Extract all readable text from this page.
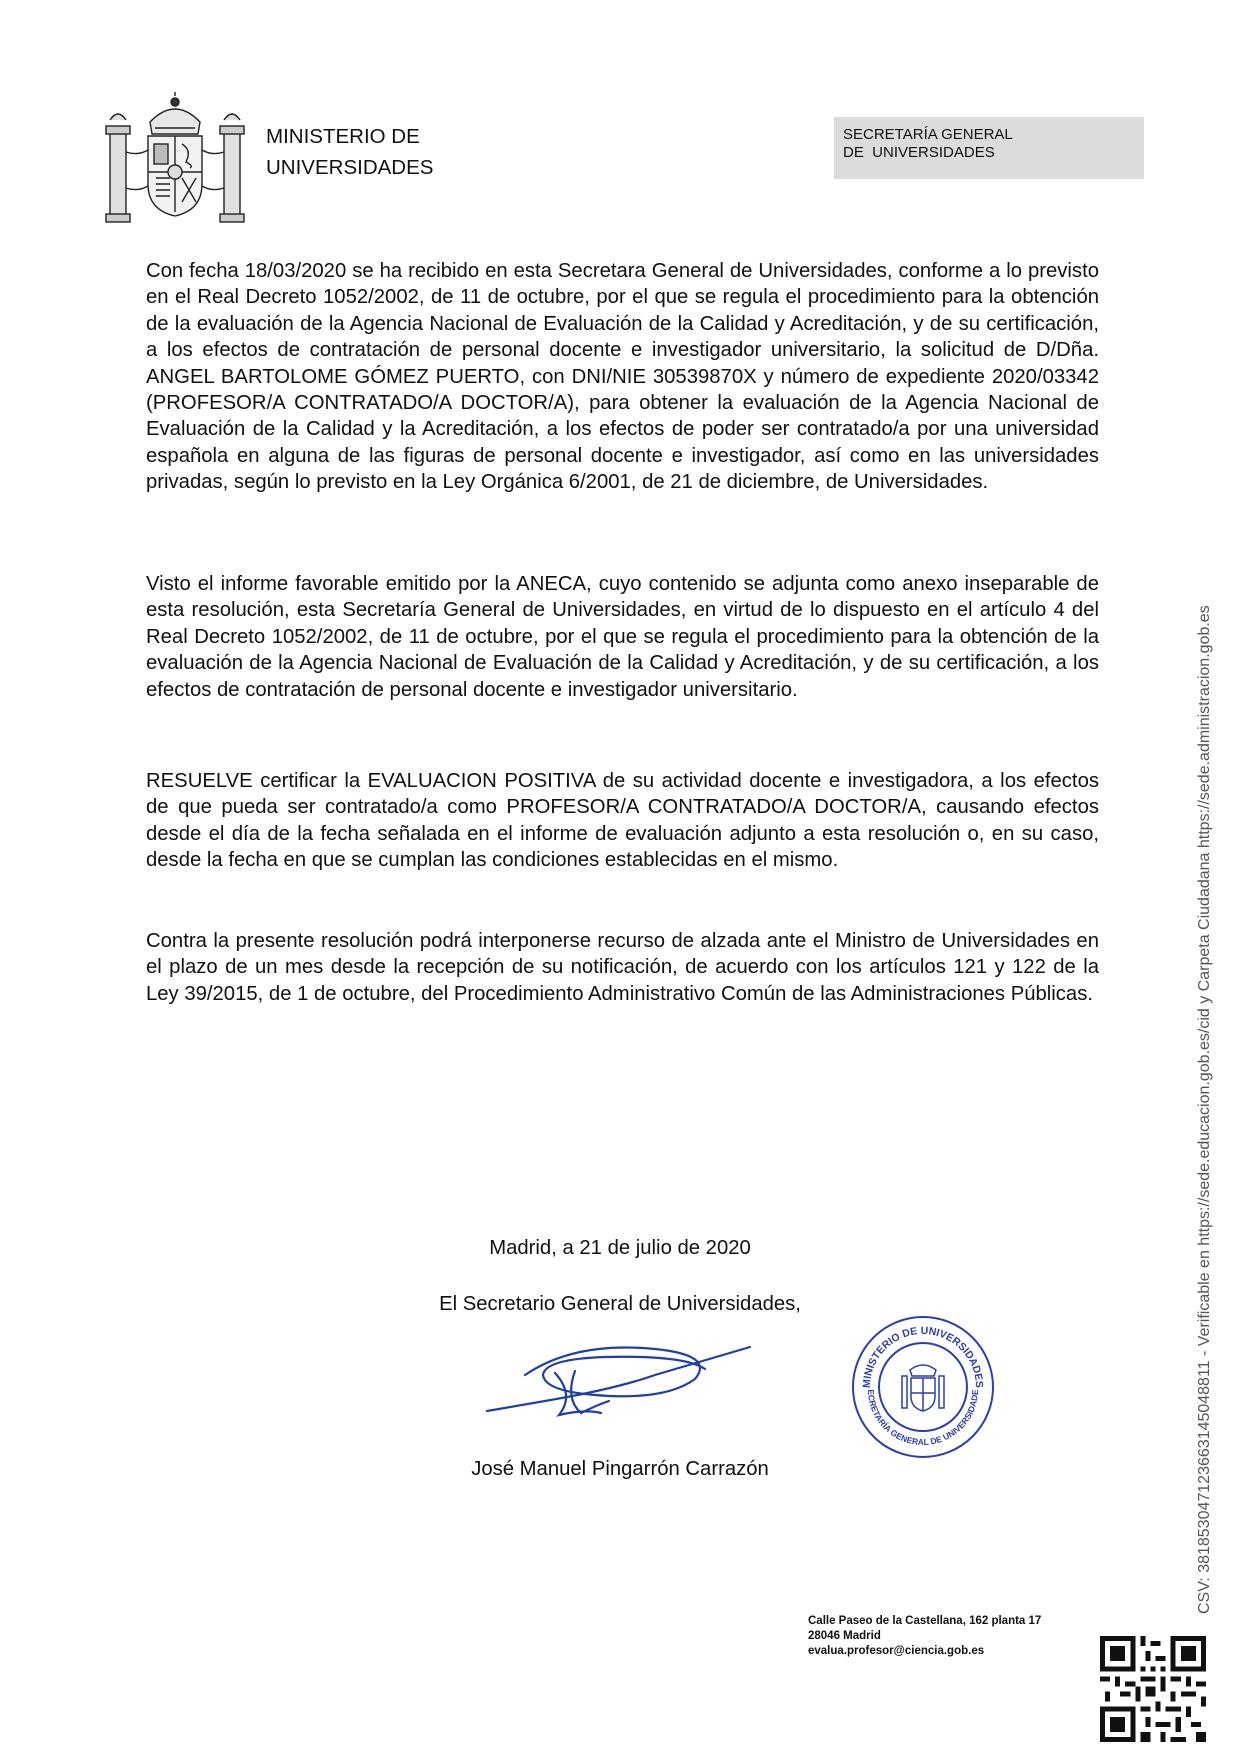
MINISTERIO DE
UNIVERSIDADES
SECRETARÍA GENERAL
DE  UNIVERSIDADES

Con fecha 18/03/2020 se ha recibido en esta Secretara General de Universidades, conforme a lo previsto en el Real Decreto 1052/2002, de 11 de octubre, por el que se regula el procedimiento para la obtención de la evaluación de la Agencia Nacional de Evaluación de la Calidad y Acreditación, y de su certificación, a los efectos de contratación de personal docente e investigador universitario, la solicitud de D/Dña. ANGEL BARTOLOME GÓMEZ PUERTO, con DNI/NIE 30539870X y número de expediente 2020/03342 (PROFESOR/A CONTRATADO/A DOCTOR/A), para obtener la evaluación de la Agencia Nacional de Evaluación de la Calidad y la Acreditación, a los efectos de poder ser contratado/a por una universidad española en alguna de las figuras de personal docente e investigador, así como en las universidades privadas, según lo previsto en la Ley Orgánica 6/2001, de 21 de diciembre, de Universidades.

Visto el informe favorable emitido por la ANECA, cuyo contenido se adjunta como anexo inseparable de esta resolución, esta Secretaría General de Universidades, en virtud de lo dispuesto en el artículo 4 del Real Decreto 1052/2002, de 11 de octubre, por el que se regula el procedimiento para la obtención de la evaluación de la Agencia Nacional de Evaluación de la Calidad y Acreditación, y de su certificación, a los efectos de contratación de personal docente e investigador universitario.

RESUELVE certificar la EVALUACION POSITIVA de su actividad docente e investigadora, a los efectos de que pueda ser contratado/a como PROFESOR/A CONTRATADO/A DOCTOR/A, causando efectos desde el día de la fecha señalada en el informe de evaluación adjunto a esta resolución o, en su caso, desde la fecha en que se cumplan las condiciones establecidas en el mismo.

Contra la presente resolución podrá interponerse recurso de alzada ante el Ministro de Universidades en el plazo de un mes desde la recepción de su notificación, de acuerdo con los artículos 121 y 122 de la Ley 39/2015, de 1 de octubre, del Procedimiento Administrativo Común de las Administraciones Públicas.

Madrid, a 21 de julio de 2020
El Secretario General de Universidades,
MINISTERIO DE UNIVERSIDADES
ECRETARÍA GENERAL DE UNIVERSIDADE
José Manuel Pingarrón Carrazón	CSV: 381853047123663145048811 - Verificable en https://sede.educacion.gob.es/cid y Carpeta Ciudadana https://sede.administracion.gob.es
Calle Paseo de la Castellana, 162 planta 17
28046 Madrid
evalua.profesor@ciencia.gob.es
